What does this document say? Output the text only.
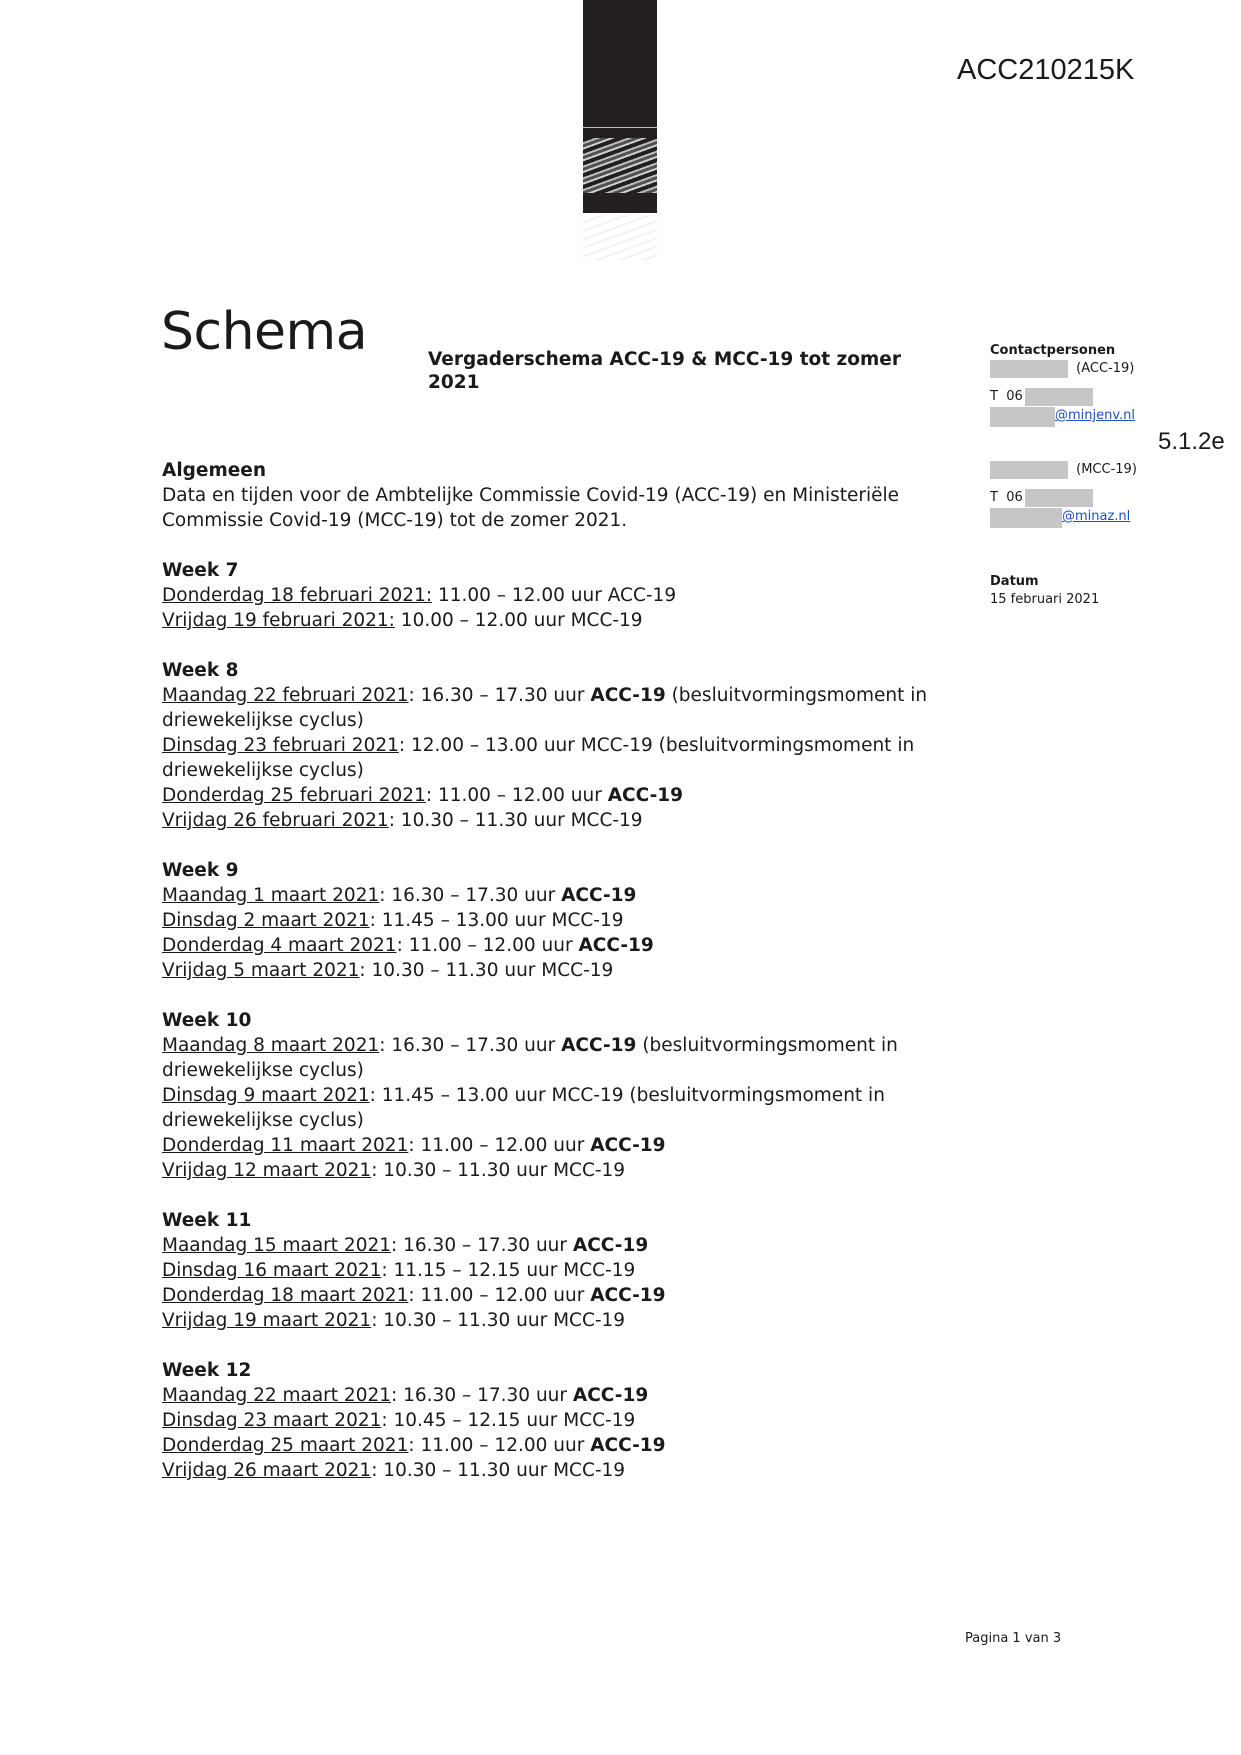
ACC210215K
Schema	Vergaderschema ACC-19 & MCC-19 tot zomer 2021
Contactpersonen
(ACC-19)
T  06
@minjenv.nl
(MCC-19)
T  06
@minaz.nl
Datum
15 februari 2021
5.1.2e
Algemeen
Data en tijden voor de Ambtelijke Commissie Covid-19 (ACC-19) en Ministeriële Commissie Covid-19 (MCC-19) tot de zomer 2021.
Week 7
Donderdag 18 februari 2021: 11.00 – 12.00 uur ACC-19
Vrijdag 19 februari 2021: 10.00 – 12.00 uur MCC-19
Week 8
Maandag 22 februari 2021: 16.30 – 17.30 uur ACC-19 (besluitvormingsmoment in driewekelijkse cyclus)
Dinsdag 23 februari 2021: 12.00 – 13.00 uur MCC-19 (besluitvormingsmoment in driewekelijkse cyclus)
Donderdag 25 februari 2021: 11.00 – 12.00 uur ACC-19
Vrijdag 26 februari 2021: 10.30 – 11.30 uur MCC-19
Week 9
Maandag 1 maart 2021: 16.30 – 17.30 uur ACC-19
Dinsdag 2 maart 2021: 11.45 – 13.00 uur MCC-19
Donderdag 4 maart 2021: 11.00 – 12.00 uur ACC-19
Vrijdag 5 maart 2021: 10.30 – 11.30 uur MCC-19
Week 10
Maandag 8 maart 2021: 16.30 – 17.30 uur ACC-19 (besluitvormingsmoment in driewekelijkse cyclus)
Dinsdag 9 maart 2021: 11.45 – 13.00 uur MCC-19 (besluitvormingsmoment in driewekelijkse cyclus)
Donderdag 11 maart 2021: 11.00 – 12.00 uur ACC-19
Vrijdag 12 maart 2021: 10.30 – 11.30 uur MCC-19
Week 11
Maandag 15 maart 2021: 16.30 – 17.30 uur ACC-19
Dinsdag 16 maart 2021: 11.15 – 12.15 uur MCC-19
Donderdag 18 maart 2021: 11.00 – 12.00 uur ACC-19
Vrijdag 19 maart 2021: 10.30 – 11.30 uur MCC-19
Week 12
Maandag 22 maart 2021: 16.30 – 17.30 uur ACC-19
Dinsdag 23 maart 2021: 10.45 – 12.15 uur MCC-19
Donderdag 25 maart 2021: 11.00 – 12.00 uur ACC-19
Vrijdag 26 maart 2021: 10.30 – 11.30 uur MCC-19
Pagina 1 van 3
